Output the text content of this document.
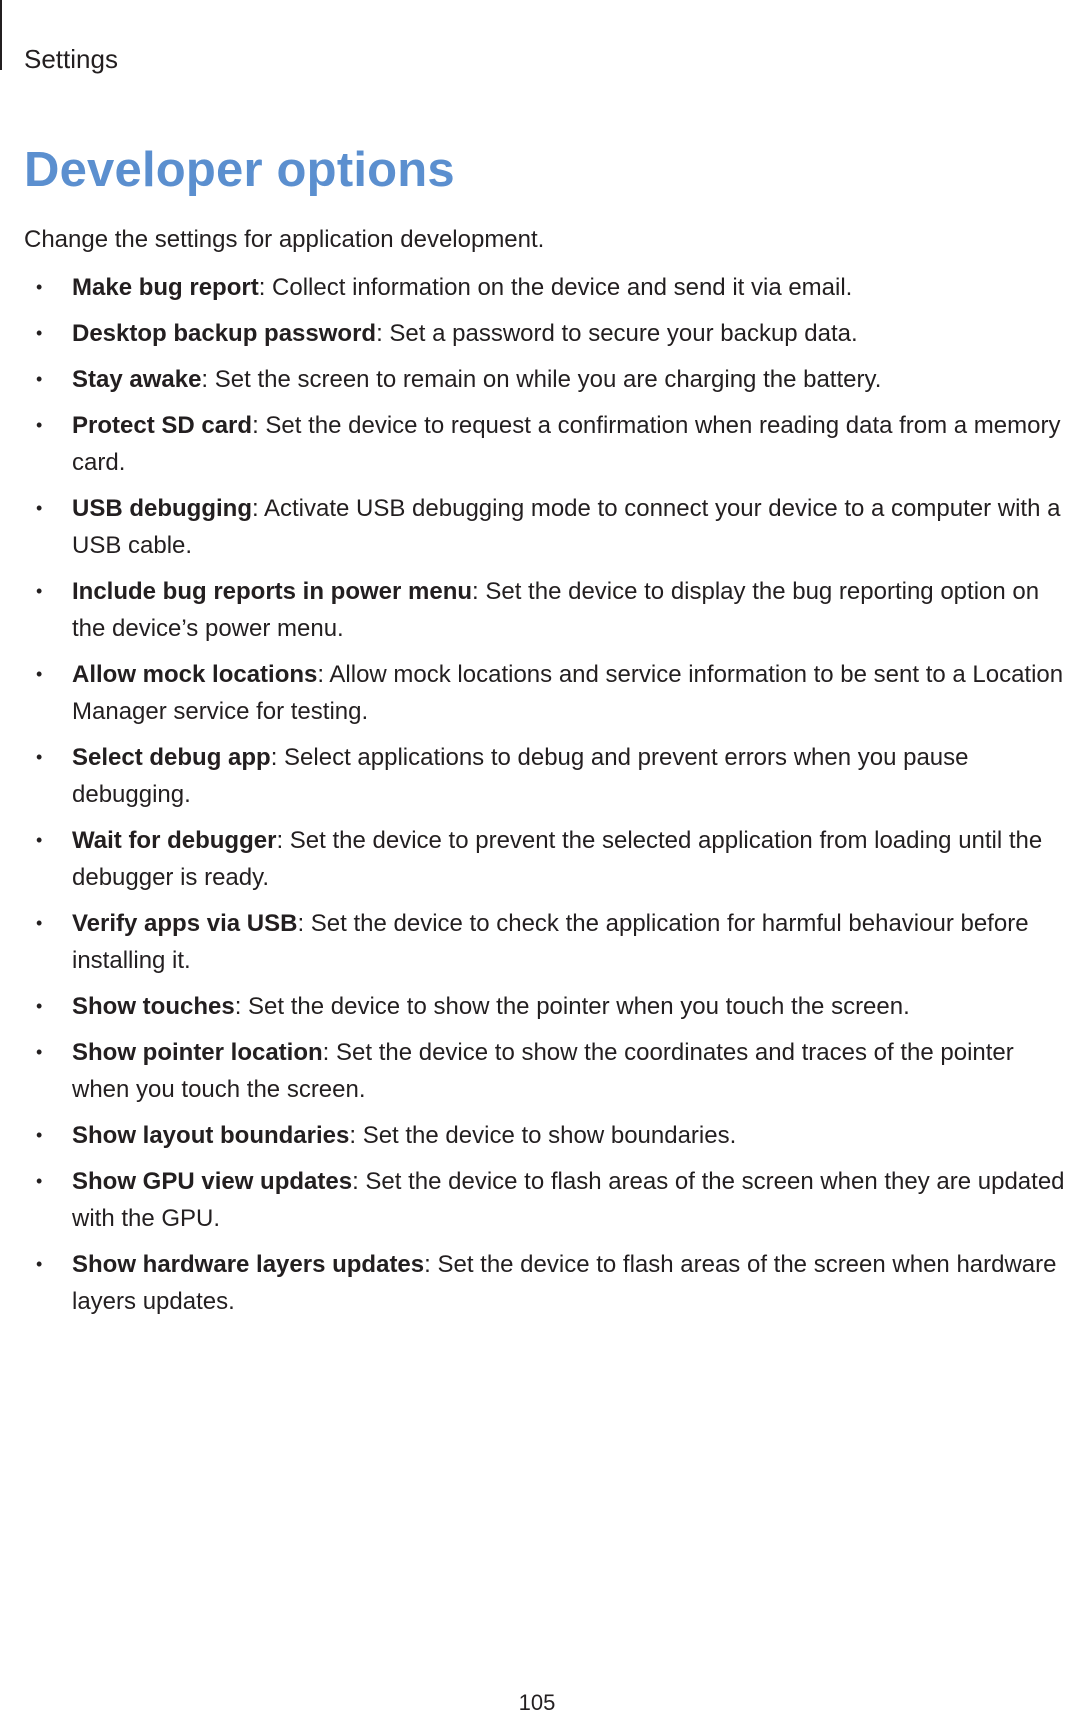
Settings
Developer options

Change the settings for application development.

• Make bug report: Collect information on the device and send it via email.
• Desktop backup password: Set a password to secure your backup data.
• Stay awake: Set the screen to remain on while you are charging the battery.
• Protect SD card: Set the device to request a confirmation when reading data from a memory card.
• USB debugging: Activate USB debugging mode to connect your device to a computer with a USB cable.
• Include bug reports in power menu: Set the device to display the bug reporting option on the device’s power menu.
• Allow mock locations: Allow mock locations and service information to be sent to a Location Manager service for testing.
• Select debug app: Select applications to debug and prevent errors when you pause debugging.
• Wait for debugger: Set the device to prevent the selected application from loading until the debugger is ready.
• Verify apps via USB: Set the device to check the application for harmful behaviour before installing it.
• Show touches: Set the device to show the pointer when you touch the screen.
• Show pointer location: Set the device to show the coordinates and traces of the pointer when you touch the screen.
• Show layout boundaries: Set the device to show boundaries.
• Show GPU view updates: Set the device to flash areas of the screen when they are updated with the GPU.
• Show hardware layers updates: Set the device to flash areas of the screen when hardware layers updates.
105
